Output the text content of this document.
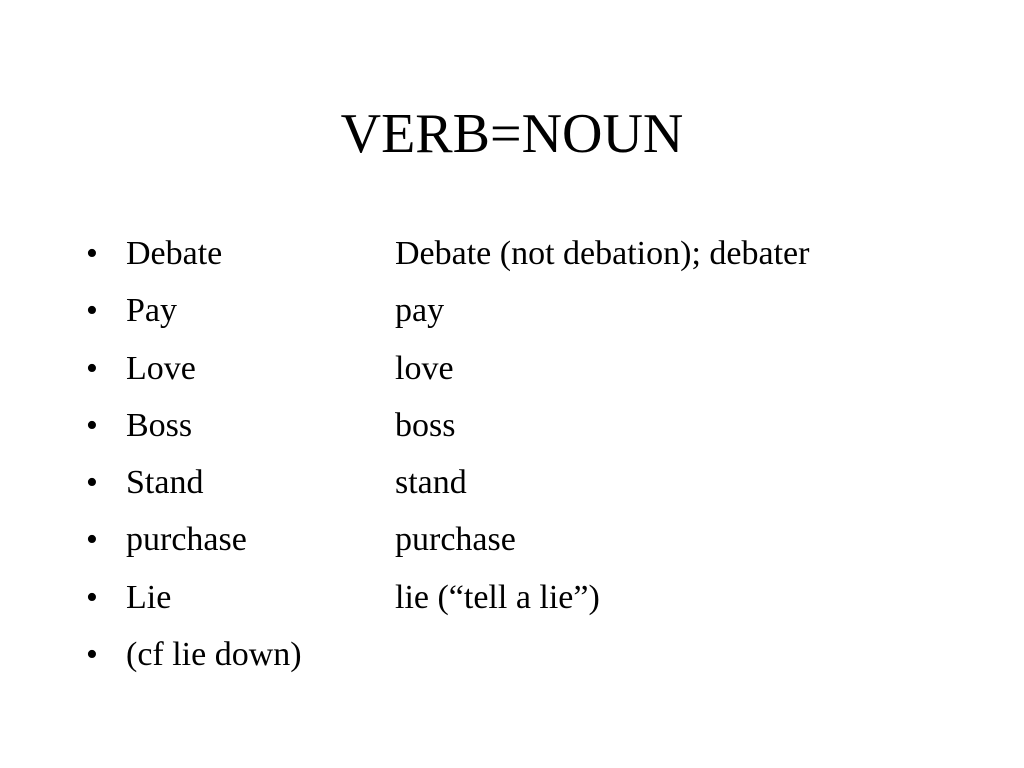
VERB=NOUN
• Debate	Debate (not debation); debater
• Pay	pay
• Love	love
• Boss	boss
• Stand	stand
• purchase	purchase
• Lie	lie (“tell a lie”)
• (cf lie down)
